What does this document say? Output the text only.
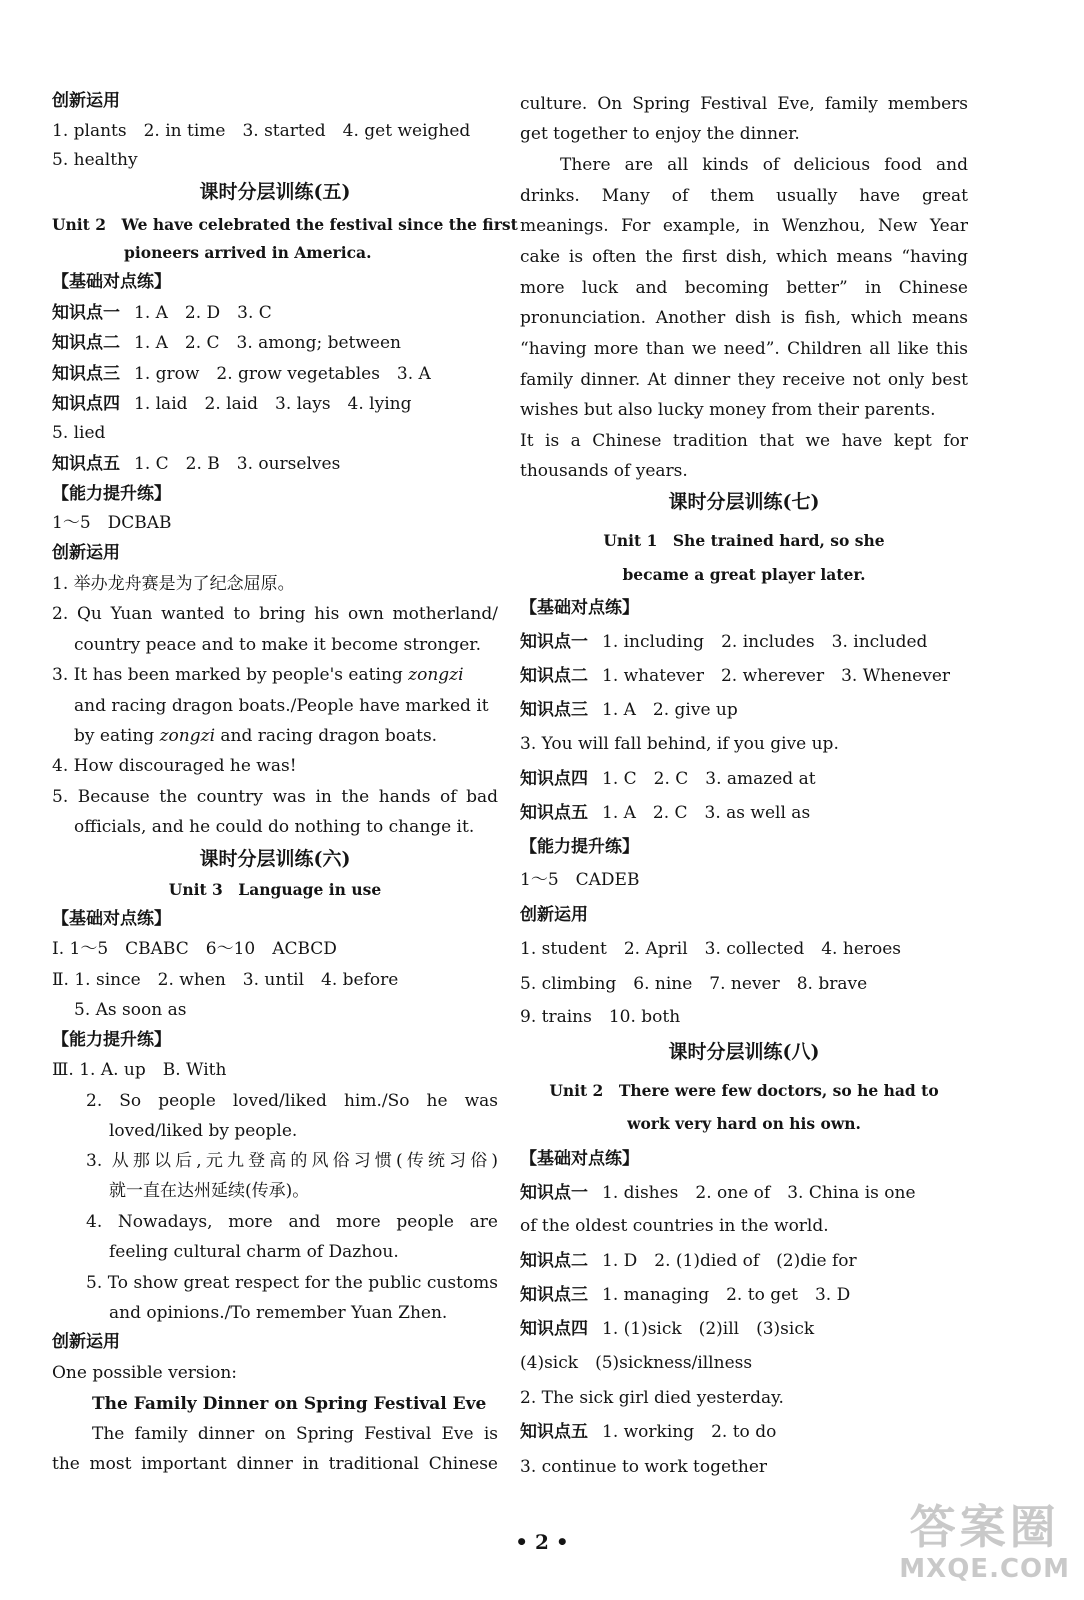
创新运用
1. plants　2. in time　3. started　4. get weighed
5. healthy
课时分层训练(五)
Unit 2　We have celebrated the festival since the first
pioneers arrived in America.
【基础对点练】
知识点一 1. A　2. D　3. C
知识点二 1. A　2. C　3. among; between
知识点三 1. grow　2. grow vegetables　3. A
知识点四 1. laid　2. laid　3. lays　4. lying
5. lied
知识点五 1. C　2. B　3. ourselves
【能力提升练】
1～5　DCBAB
创新运用
1. 举办龙舟赛是为了纪念屈原。
2. Qu Yuan wanted to bring his own motherland/
country peace and to make it become stronger.
3. It has been marked by people's eating zongzi
and racing dragon boats./People have marked it
by eating zongzi and racing dragon boats.
4. How discouraged he was!
5. Because the country was in the hands of bad
officials, and he could do nothing to change it.
课时分层训练(六)
Unit 3　Language in use
【基础对点练】
Ⅰ. 1～5　CBABC　6～10　ACBCD
Ⅱ. 1. since　2. when　3. until　4. before
5. As soon as
【能力提升练】
Ⅲ. 1. A. up　B. With
2. So people loved/liked him./So he was
loved/liked by people.
3. 从那以后,元九登高的风俗习惯(传统习俗)
就一直在达州延续(传承)。
4. Nowadays, more and more people are
feeling cultural charm of Dazhou.
5. To show great respect for the public customs
and opinions./To remember Yuan Zhen.
创新运用
One possible version:
The Family Dinner on Spring Festival Eve
The family dinner on Spring Festival Eve is
the most important dinner in traditional Chinese
culture. On Spring Festival Eve, family members
get together to enjoy the dinner.
There are all kinds of delicious food and
drinks. Many of them usually have great
meanings. For example, in Wenzhou, New Year
cake is often the first dish, which means “having
more luck and becoming better” in Chinese
pronunciation. Another dish is fish, which means
“having more than we need”. Children all like this
family dinner. At dinner they receive not only best
wishes but also lucky money from their parents.
It is a Chinese tradition that we have kept for
thousands of years.
课时分层训练(七)
Unit 1　She trained hard, so she
became a great player later.
【基础对点练】
知识点一 1. including　2. includes　3. included
知识点二 1. whatever　2. wherever　3. Whenever
知识点三 1. A　2. give up
3. You will fall behind, if you give up.
知识点四 1. C　2. C　3. amazed at
知识点五 1. A　2. C　3. as well as
【能力提升练】
1～5　CADEB
创新运用
1. student　2. April　3. collected　4. heroes
5. climbing　6. nine　7. never　8. brave
9. trains　10. both
课时分层训练(八)
Unit 2　There were few doctors, so he had to
work very hard on his own.
【基础对点练】
知识点一 1. dishes　2. one of　3. China is one
of the oldest countries in the world.
知识点二 1. D　2. (1)died of　(2)die for
知识点三 1. managing　2. to get　3. D
知识点四 1. (1)sick　(2)ill　(3)sick
(4)sick　(5)sickness/illness
2. The sick girl died yesterday.
知识点五 1. working　2. to do
3. continue to work together
• 2 •	答案圈
MXQE.COM
